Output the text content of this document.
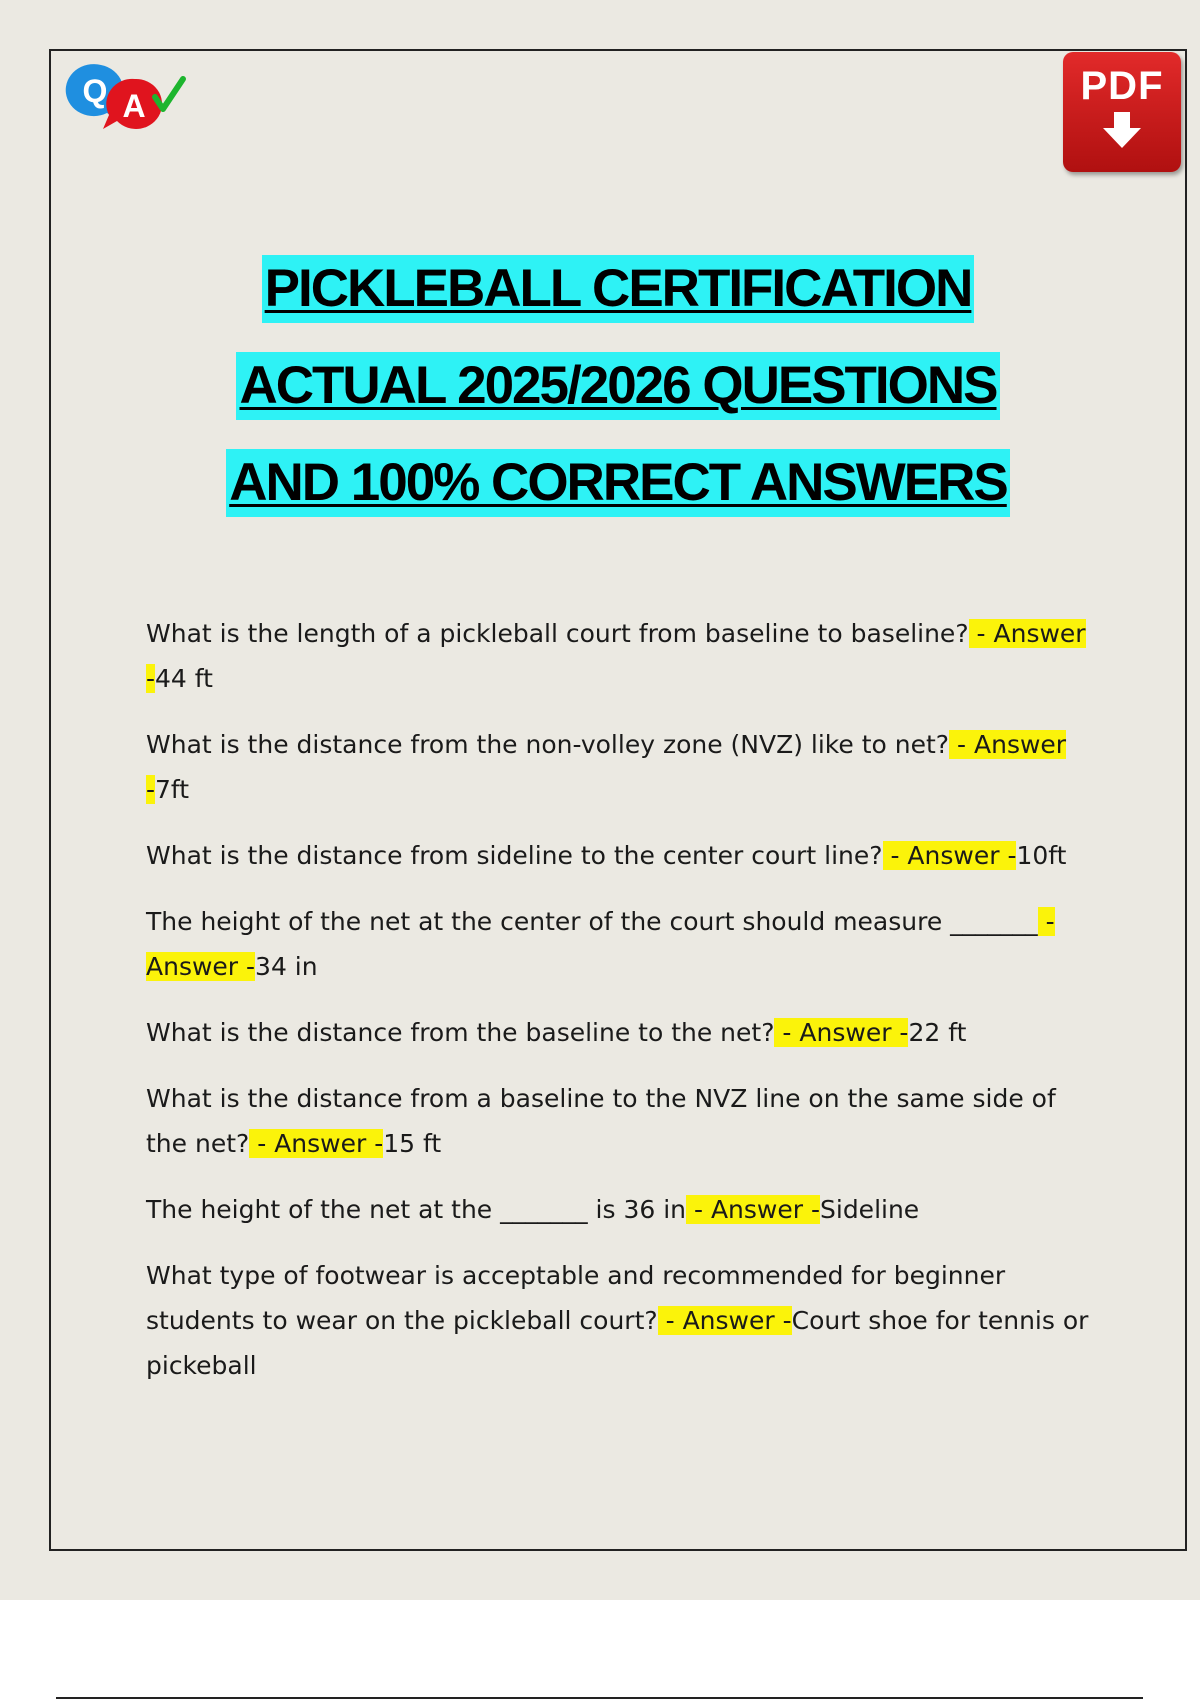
Q A	PDF
PICKLEBALL CERTIFICATION
ACTUAL 2025/2026 QUESTIONS
AND 100% CORRECT ANSWERS

What is the length of a pickleball court from baseline to baseline? - Answer -44 ft

What is the distance from the non-volley zone (NVZ) like to net? - Answer -7ft

What is the distance from sideline to the center court line? - Answer -10ft

The height of the net at the center of the court should measure _______ - Answer -34 in

What is the distance from the baseline to the net? - Answer -22 ft

What is the distance from a baseline to the NVZ line on the same side of the net? - Answer -15 ft

The height of the net at the _______ is 36 in - Answer -Sideline

What type of footwear is acceptable and recommended for beginner students to wear on the pickleball court? - Answer -Court shoe for tennis or pickeball
